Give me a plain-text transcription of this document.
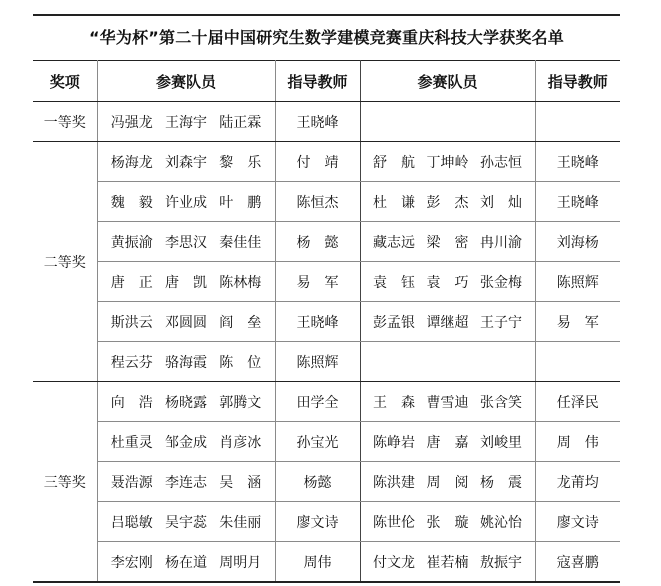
“华为杯”第二十届中国研究生数学建模竞赛重庆科技大学获奖名单
奖项	参赛队员	指导教师	参赛队员	指导教师
一等奖	冯强龙 王海宇 陆正霖	王晓峰	

二等奖	杨海龙 刘森宇 黎　乐	付　靖	舒　航 丁坤岭 孙志恒	王晓峰

	魏　毅 许业成 叶　鹏	陈恒杰	杜　谦 彭　杰 刘　灿	王晓峰

	黄振渝 李思汉 秦佳佳	杨　懿	藏志远 梁　密 冉川渝	刘海杨

	唐　正 唐　凯 陈林梅	易　军	袁　钰 袁　巧 张金梅	陈照辉

	斯洪云 邓圆圆 阎　垒	王晓峰	彭孟银 谭继超 王子宁	易　军

	程云芬 骆海霞 陈　位	陈照辉	

三等奖	向　浩 杨晓露 郭腾文	田学全	王　森 曹雪迪 张含笑	任泽民

	杜重灵 邹金成 肖彦冰	孙宝光	陈峥岩 唐　嘉 刘峻里	周　伟

	聂浩源 李连志 吴　涵	杨懿	陈洪建 周　阅 杨　震	龙莆均

	吕聪敏 吴宇蕊 朱佳丽	廖文诗	陈世伦 张　璇 姚沁怡	廖文诗

	李宏刚 杨在道 周明月	周伟	付文龙 崔若楠 敖振宇	寇喜鹏
